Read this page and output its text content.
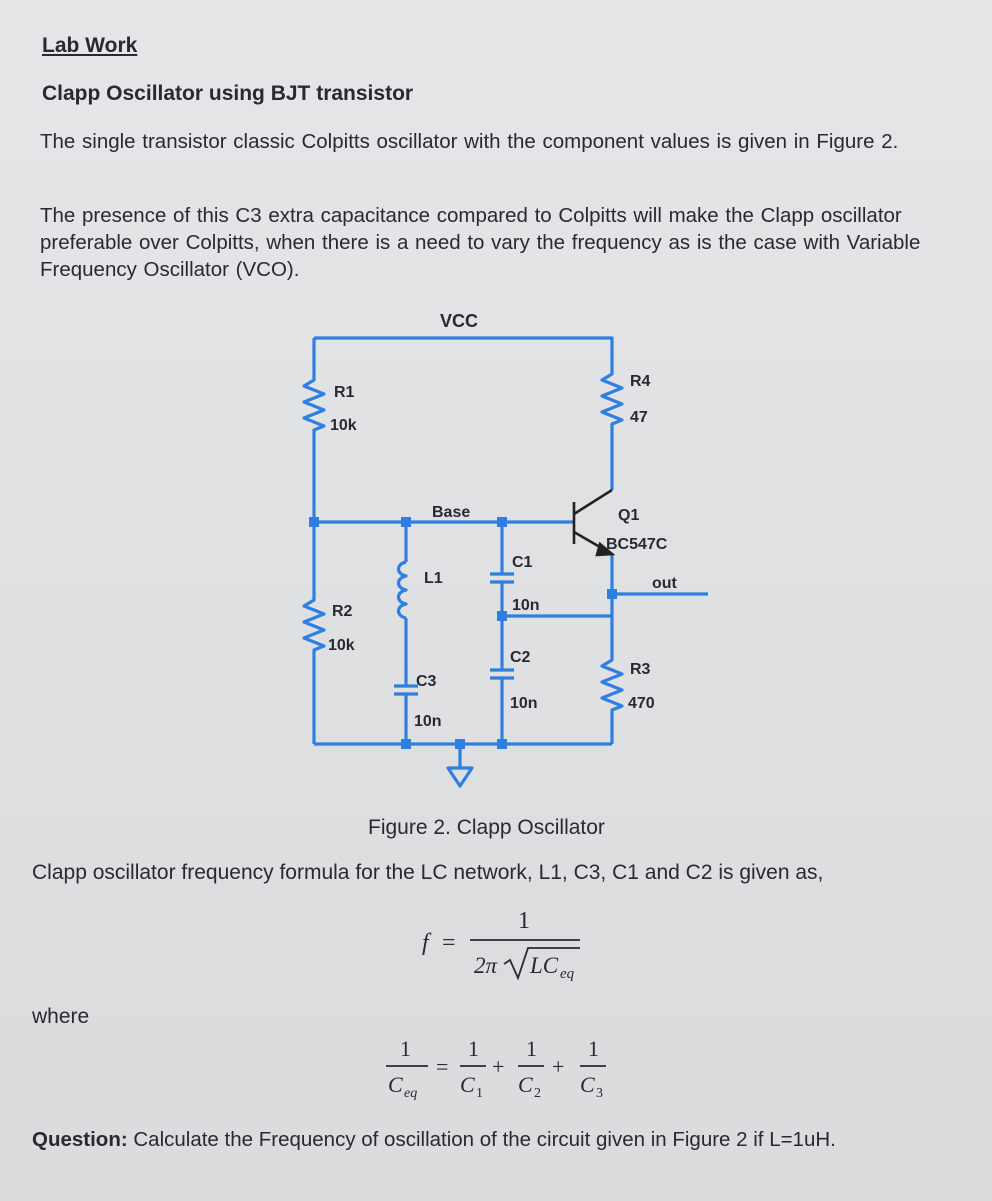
Lab Work
Clapp Oscillator using BJT transistor
The single transistor classic Colpitts oscillator with the component values is given in Figure 2.
The presence of this C3 extra capacitance compared to Colpitts will make the Clapp oscillator preferable over Colpitts, when there is a need to vary the frequency as is the case with Variable Frequency Oscillator (VCO).
VCC
R1
10k
R4
47
Base	Q1
BC547C
L1
C1
10n
out
R2
10k
C2
10n
R3
470
C3
10n
Figure 2. Clapp Oscillator
Clapp oscillator frequency formula for the LC network, L1, C3, C1 and C2 is given as,
f =
1
2π LC eq
where
1
C eq
=
1
C 1
+
1
C 2
+
1
C 3
Question: Calculate the Frequency of oscillation of the circuit given in Figure 2 if L=1uH.
